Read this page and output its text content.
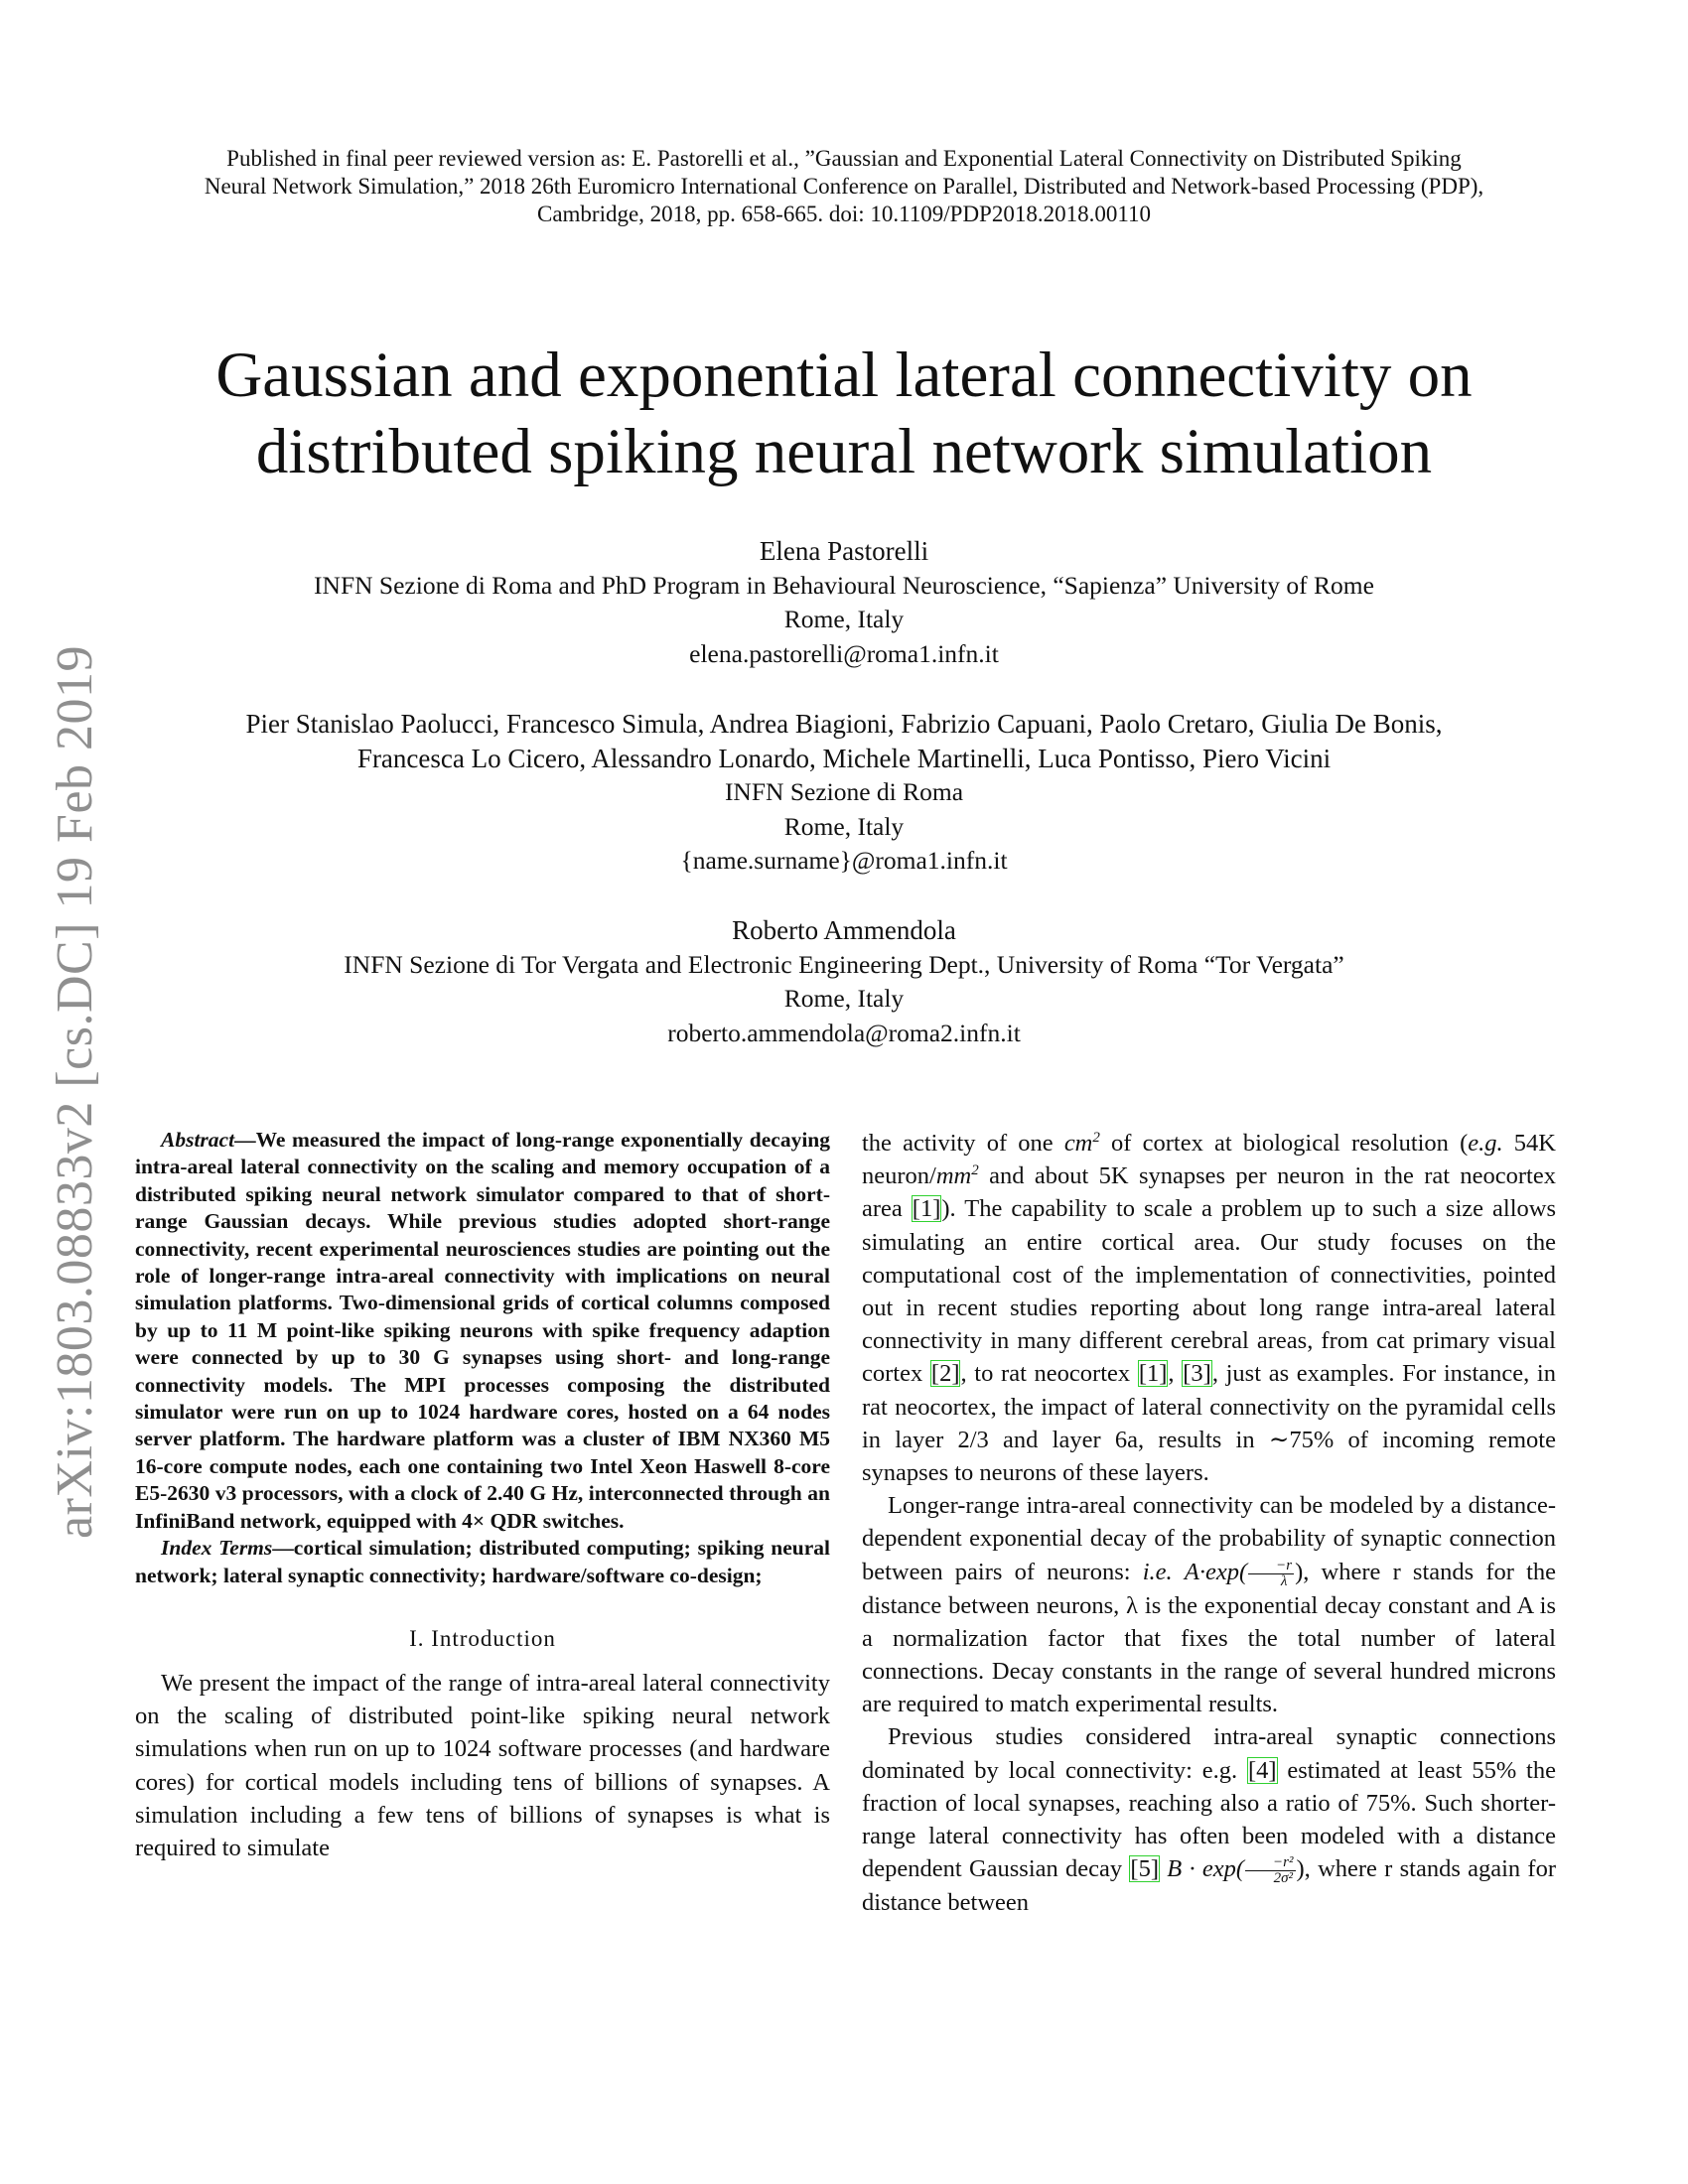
Published in final peer reviewed version as: E. Pastorelli et al., ”Gaussian and Exponential Lateral Connectivity on Distributed Spiking
Neural Network Simulation,” 2018 26th Euromicro International Conference on Parallel, Distributed and Network-based Processing (PDP),
Cambridge, 2018, pp. 658-665. doi: 10.1109/PDP2018.2018.00110
Gaussian and exponential lateral connectivity on
distributed spiking neural network simulation
Elena Pastorelli
INFN Sezione di Roma and PhD Program in Behavioural Neuroscience, “Sapienza” University of Rome
Rome, Italy
elena.pastorelli@roma1.infn.it
Pier Stanislao Paolucci, Francesco Simula, Andrea Biagioni, Fabrizio Capuani, Paolo Cretaro, Giulia De Bonis,
Francesca Lo Cicero, Alessandro Lonardo, Michele Martinelli, Luca Pontisso, Piero Vicini
INFN Sezione di Roma
Rome, Italy
{name.surname}@roma1.infn.it
Roberto Ammendola
INFN Sezione di Tor Vergata and Electronic Engineering Dept., University of Roma “Tor Vergata”
Rome, Italy
roberto.ammendola@roma2.infn.it
arXiv:1803.08833v2 [cs.DC] 19 Feb 2019	Abstract—We measured the impact of long-range exponentially decaying intra-areal lateral connectivity on the scaling and memory occupation of a distributed spiking neural network simulator compared to that of short-range Gaussian decays. While previous studies adopted short-range connectivity, recent experimental neurosciences studies are pointing out the role of longer-range intra-areal connectivity with implications on neural simulation platforms. Two-dimensional grids of cortical columns composed by up to 11 M point-like spiking neurons with spike frequency adaption were connected by up to 30 G synapses using short- and long-range connectivity models. The MPI processes composing the distributed simulator were run on up to 1024 hardware cores, hosted on a 64 nodes server platform. The hardware platform was a cluster of IBM NX360 M5 16-core compute nodes, each one containing two Intel Xeon Haswell 8-core E5-2630 v3 processors, with a clock of 2.40 G Hz, interconnected through an InfiniBand network, equipped with 4× QDR switches.

Index Terms—cortical simulation; distributed computing; spiking neural network; lateral synaptic connectivity; hardware/software co-design;

I. Introduction

We present the impact of the range of intra-areal lateral connectivity on the scaling of distributed point-like spiking neural network simulations when run on up to 1024 software processes (and hardware cores) for cortical models including tens of billions of synapses. A simulation including a few tens of billions of synapses is what is required to simulate

the activity of one $cm^2$ of cortex at biological resolution (e.g. 54K neuron/$mm^2$ and about 5K synapses per neuron in the rat neocortex area [1]). The capability to scale a problem up to such a size allows simulating an entire cortical area. Our study focuses on the computational cost of the implementation of connectivities, pointed out in recent studies reporting about long range intra-areal lateral connectivity in many different cerebral areas, from cat primary visual cortex [2], to rat neocortex [1], [3], just as examples. For instance, in rat neocortex, the impact of lateral connectivity on the pyramidal cells in layer 2/3 and layer 6a, results in ∼75% of incoming remote synapses to neurons of these layers.

Longer-range intra-areal connectivity can be modeled by a distance-dependent exponential decay of the probability of synaptic connection between pairs of neurons: i.e. $A\cdot\exp( \frac{-r}{\lambda}$ ), where r stands for the distance between neurons, λ is the exponential decay constant and A is a normalization factor that fixes the total number of lateral connections. Decay constants in the range of several hundred microns are required to match experimental results.

Previous studies considered intra-areal synaptic connections dominated by local connectivity: e.g. [4] estimated at least 55% the fraction of local synapses, reaching also a ratio of 75%. Such shorter-range lateral connectivity has often been modeled with a distance dependent Gaussian decay [5] $B \cdot \exp( \frac{\text{−r²}}{\text{2σ²}}$ ), where r stands again for distance between
